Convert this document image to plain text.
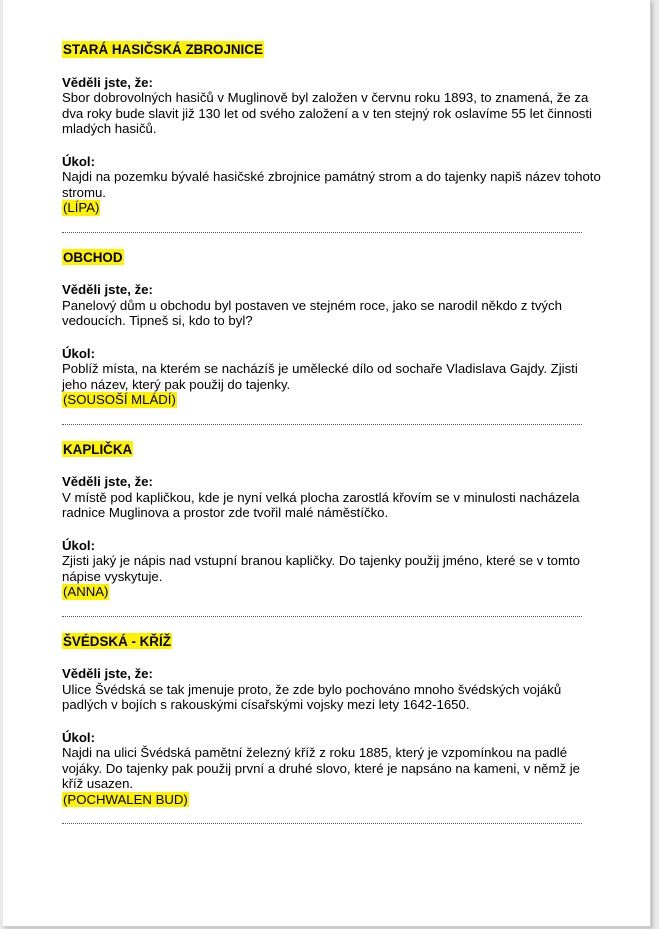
STARÁ HASIČSKÁ ZBROJNICE

Věděli jste, že:

Sbor dobrovolných hasičů v Muglinově byl založen v červnu roku 1893, to znamená, že za dva roky bude slavit již 130 let od svého založení a v ten stejný rok oslavíme 55 let činnosti mladých hasičů.

Úkol:

Najdi na pozemku bývalé hasičské zbrojnice památný strom a do tajenky napiš název tohoto stromu.

(LÍPA)
OBCHOD

Věděli jste, že:

Panelový dům u obchodu byl postaven ve stejném roce, jako se narodil někdo z tvých vedoucích. Tipneš si, kdo to byl?

Úkol:

Poblíž místa, na kterém se nacházíš je umělecké dílo od sochaře Vladislava Gajdy. Zjisti jeho název, který pak použij do tajenky.

(SOUSOŠÍ MLÁDÍ)
KAPLIČKA

Věděli jste, že:

V místě pod kapličkou, kde je nyní velká plocha zarostlá křovím se v minulosti nacházela radnice Muglinova a prostor zde tvořil malé náměstíčko.

Úkol:

Zjisti jaký je nápis nad vstupní branou kapličky. Do tajenky použij jméno, které se v tomto nápise vyskytuje.

(ANNA)
ŠVÉDSKÁ - KŘÍŽ

Věděli jste, že:

Ulice Švédská se tak jmenuje proto, že zde bylo pochováno mnoho švédských vojáků padlých v bojích s rakouskými císařskými vojsky mezi lety 1642-1650.

Úkol:

Najdi na ulici Švédská pamětní železný kříž z roku 1885, který je vzpomínkou na padlé vojáky. Do tajenky pak použij první a druhé slovo, které je napsáno na kameni, v němž je kříž usazen.

(POCHWALEN BUD)
